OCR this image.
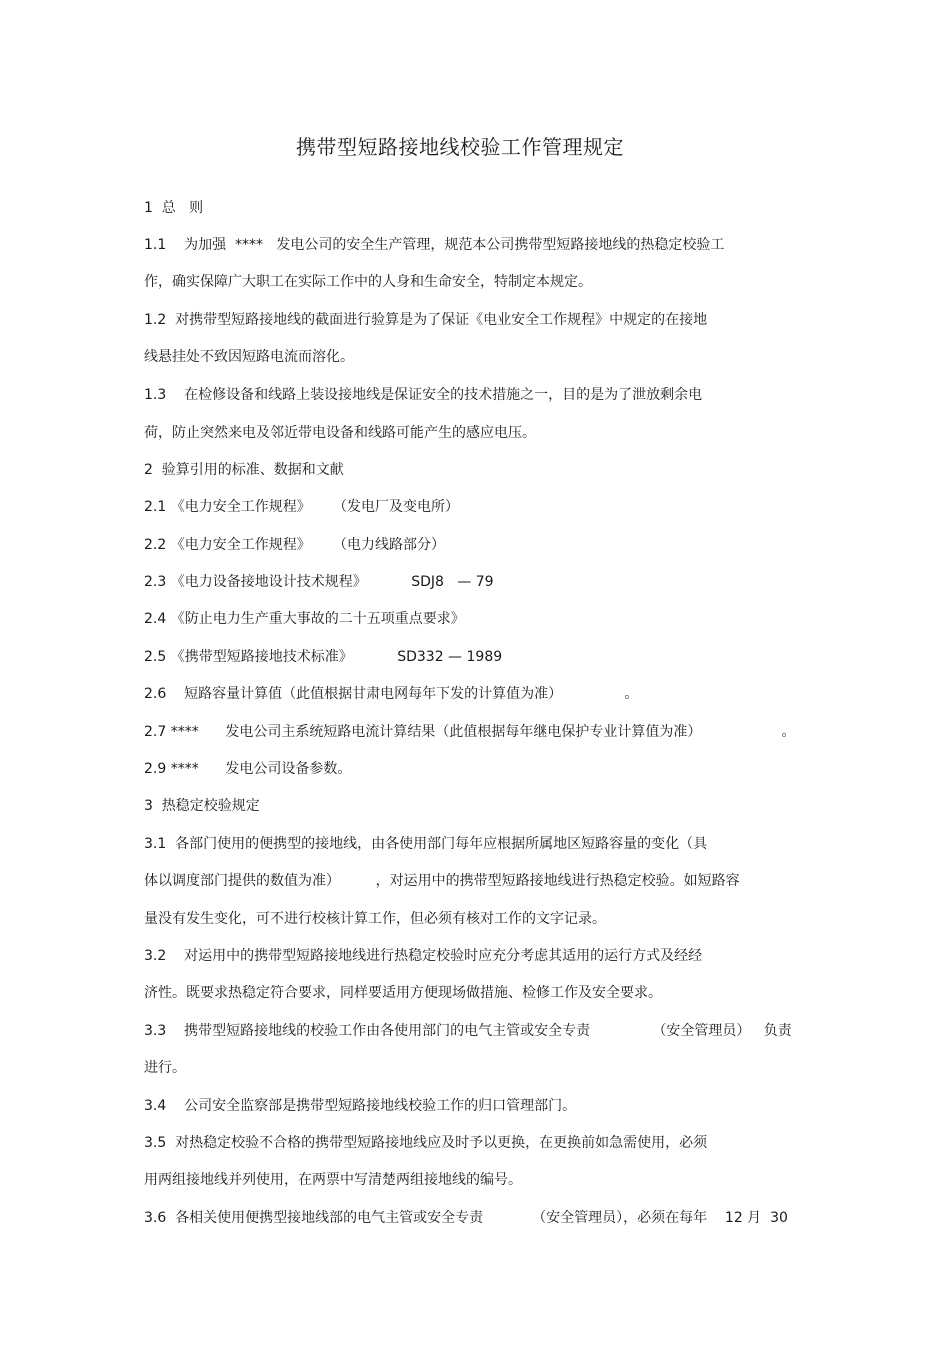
携带型短路接地线校验工作管理规定
1  总   则
1.1    为加强  ****   发电公司的安全生产管理，规范本公司携带型短路接地线的热稳定校验工
作，确实保障广大职工在实际工作中的人身和生命安全，特制定本规定。
1.2  对携带型短路接地线的截面进行验算是为了保证《电业安全工作规程》中规定的在接地
线悬挂处不致因短路电流而溶化。
1.3    在检修设备和线路上装设接地线是保证安全的技术措施之一，目的是为了泄放剩余电
荷，防止突然来电及邻近带电设备和线路可能产生的感应电压。
2  验算引用的标准、数据和文献
2.1 《电力安全工作规程》     （发电厂及变电所）
2.2 《电力安全工作规程》     （电力线路部分）
2.3 《电力设备接地设计技术规程》          SDJ8   — 79
2.4 《防止电力生产重大事故的二十五项重点要求》
2.5 《携带型短路接地技术标准》          SD332 — 1989
2.6    短路容量计算值（此值根据甘肃电网每年下发的计算值为准）              。
2.7 ****      发电公司主系统短路电流计算结果（此值根据每年继电保护专业计算值为准）                  。
2.9 ****      发电公司设备参数。
3  热稳定校验规定
3.1  各部门使用的便携型的接地线，由各使用部门每年应根据所属地区短路容量的变化（具
体以调度部门提供的数值为准）        ，对运用中的携带型短路接地线进行热稳定校验。如短路容
量没有发生变化，可不进行校核计算工作，但必须有核对工作的文字记录。
3.2    对运用中的携带型短路接地线进行热稳定校验时应充分考虑其适用的运行方式及经经
济性。既要求热稳定符合要求，同样要适用方便现场做措施、检修工作及安全要求。
3.3    携带型短路接地线的校验工作由各使用部门的电气主管或安全专责              （安全管理员）   负责
进行。
3.4    公司安全监察部是携带型短路接地线校验工作的归口管理部门。
3.5  对热稳定校验不合格的携带型短路接地线应及时予以更换，在更换前如急需使用，必须
用两组接地线并列使用，在两票中写清楚两组接地线的编号。
3.6  各相关使用便携型接地线部的电气主管或安全专责           （安全管理员），必须在每年    12 月  30
